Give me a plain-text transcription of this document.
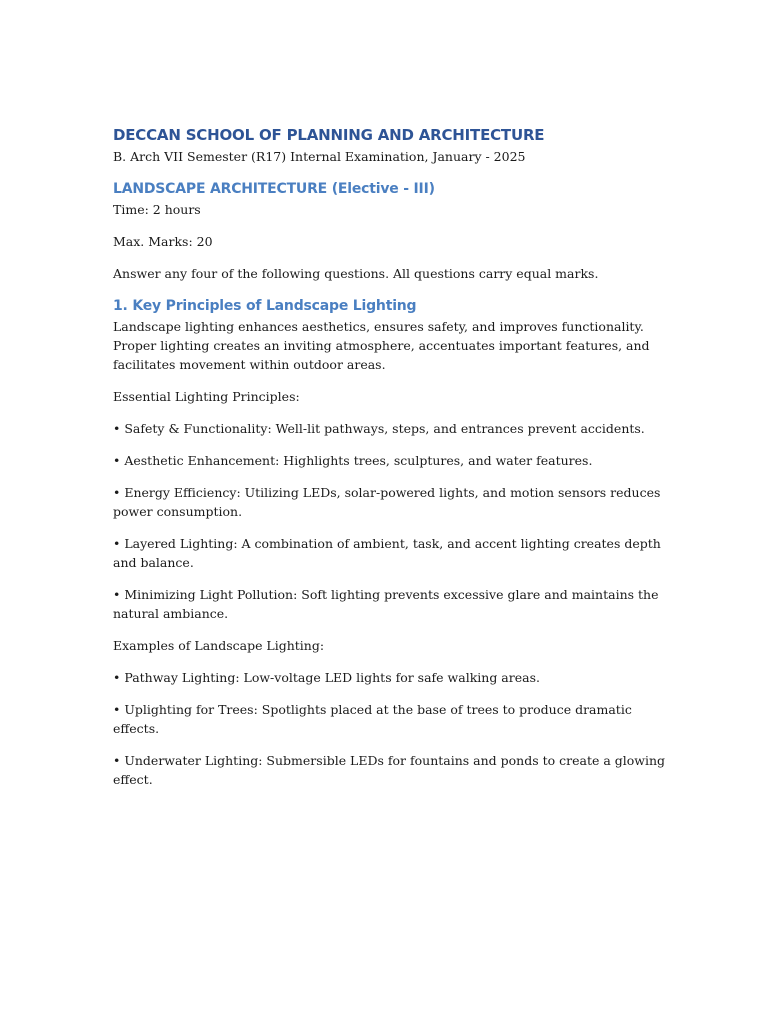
DECCAN SCHOOL OF PLANNING AND ARCHITECTURE

B. Arch VII Semester (R17) Internal Examination, January - 2025

LANDSCAPE ARCHITECTURE (Elective - III)

Time: 2 hours

Max. Marks: 20

Answer any four of the following questions. All questions carry equal marks.

1. Key Principles of Landscape Lighting

Landscape lighting enhances aesthetics, ensures safety, and improves functionality. Proper lighting creates an inviting atmosphere, accentuates important features, and facilitates movement within outdoor areas.

Essential Lighting Principles:

• Safety & Functionality: Well-lit pathways, steps, and entrances prevent accidents.

• Aesthetic Enhancement: Highlights trees, sculptures, and water features.

• Energy Efficiency: Utilizing LEDs, solar-powered lights, and motion sensors reduces power consumption.

• Layered Lighting: A combination of ambient, task, and accent lighting creates depth and balance.

• Minimizing Light Pollution: Soft lighting prevents excessive glare and maintains the natural ambiance.

Examples of Landscape Lighting:

• Pathway Lighting: Low-voltage LED lights for safe walking areas.

• Uplighting for Trees: Spotlights placed at the base of trees to produce dramatic effects.

• Underwater Lighting: Submersible LEDs for fountains and ponds to create a glowing effect.
